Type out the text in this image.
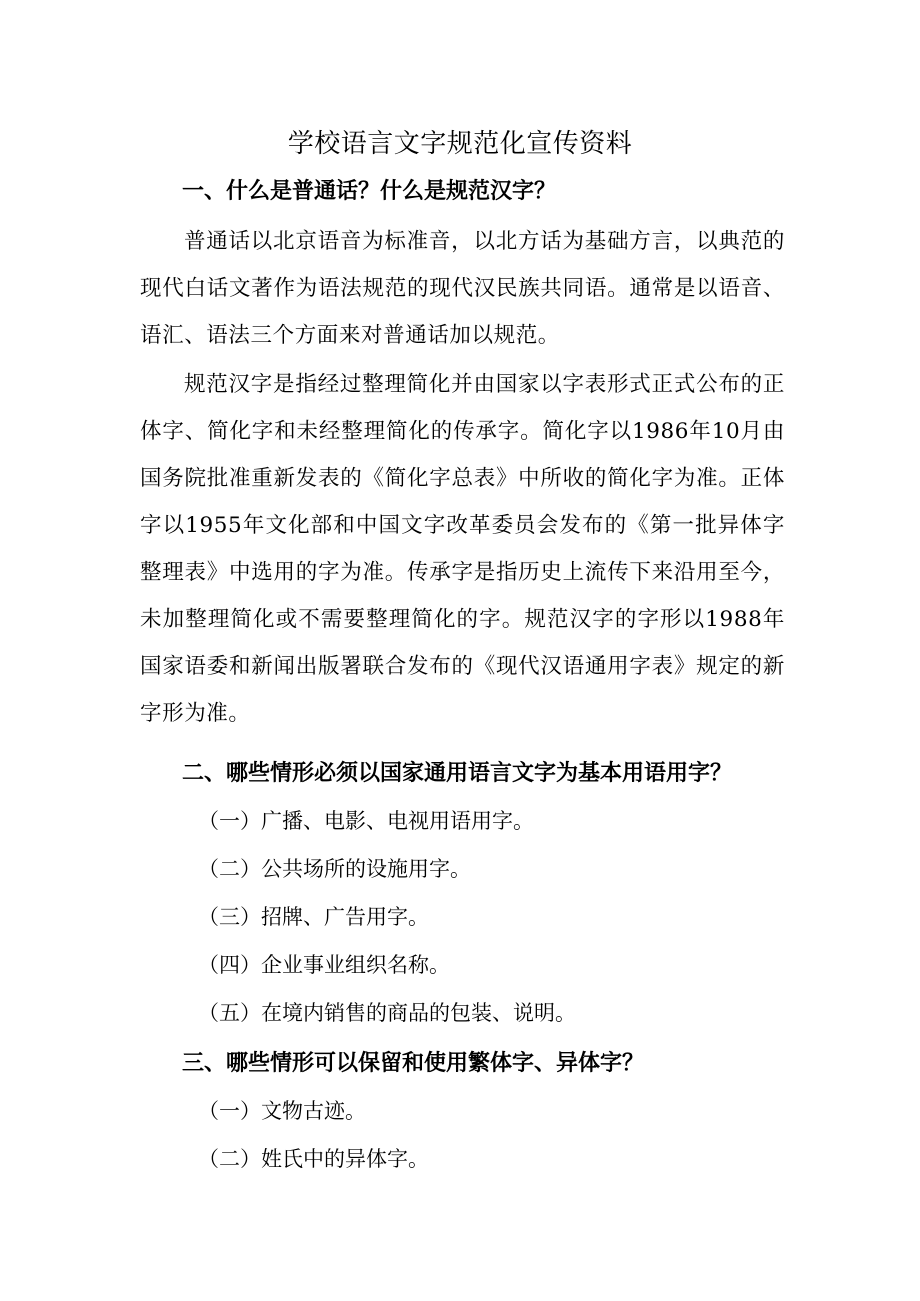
学校语言文字规范化宣传资料
一、什么是普通话？什么是规范汉字？
普通话以北京语音为标准音，以北方话为基础方言，以典范的现代白话文著作为语法规范的现代汉民族共同语。通常是以语音、语汇、语法三个方面来对普通话加以规范。
规范汉字是指经过整理简化并由国家以字表形式正式公布的正体字、简化字和未经整理简化的传承字。简化字以1986年10月由国务院批准重新发表的《简化字总表》中所收的简化字为准。正体字以1955年文化部和中国文字改革委员会发布的《第一批异体字整理表》中选用的字为准。传承字是指历史上流传下来沿用至今，未加整理简化或不需要整理简化的字。规范汉字的字形以1988年国家语委和新闻出版署联合发布的《现代汉语通用字表》规定的新字形为准。
二、哪些情形必须以国家通用语言文字为基本用语用字？
（一）广播、电影、电视用语用字。
（二）公共场所的设施用字。
（三）招牌、广告用字。
（四）企业事业组织名称。
（五）在境内销售的商品的包装、说明。
三、哪些情形可以保留和使用繁体字、异体字？
（一）文物古迹。
（二）姓氏中的异体字。
